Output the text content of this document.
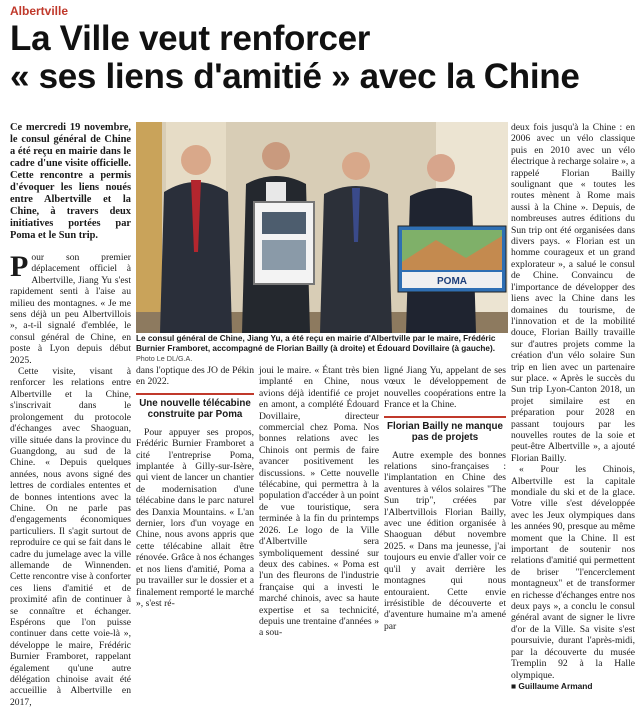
Albertville
La Ville veut renforcer
« ses liens d'amitié » avec la Chine

Ce mercredi 19 novembre, le consul général de Chine a été reçu en mairie dans le cadre d'une visite officielle. Cette rencontre a permis d'évoquer les liens noués entre Albertville et la Chine, à travers deux initiatives portées par Poma et le Sun trip.

Pour son premier déplacement officiel à Albertville, Jiang Yu s'est rapidement senti à l'aise au milieu des montagnes. « Je me sens déjà un peu Albertvillois », a-t-il signalé d'emblée, le consul général de Chine, en poste à Lyon depuis début 2025.

Cette visite, visant à renforcer les relations entre Albertville et la Chine, s'inscrivait dans le prolongement du protocole d'échanges avec Shaoguan, ville située dans la province du Guangdong, au sud de la Chine. « Depuis quelques années, nous avons signé des lettres de cordiales ententes et de bonnes intentions avec la Chine. On ne parle pas d'engagements économiques particuliers. Il s'agit surtout de reproduire ce qui se fait dans le cadre du jumelage avec la ville allemande de Winnenden. Cette rencontre vise à conforter ces liens d'amitié et de proximité afin de continuer à se connaître et échanger. Espérons que l'on puisse continuer dans cette voie-là », développe le maire, Frédéric Burnier Framboret, rappelant également qu'une autre délégation chinoise avait été accueillie à Albertville en 2017,

POMA
Le consul général de Chine, Jiang Yu, a été reçu en mairie d'Albertville par le maire, Frédéric Burnier Framboret, accompagné de Florian Bailly (à droite) et Édouard Dovillaire (à gauche).
Photo Le DL/G.A.

dans l'optique des JO de Pékin en 2022.

Une nouvelle télécabine construite par Poma

Pour appuyer ses propos, Frédéric Burnier Framboret a cité l'entreprise Poma, implantée à Gilly-sur-Isère, qui vient de lancer un chantier de modernisation d'une télécabine dans le parc naturel des Danxia Mountains. « L'an dernier, lors d'un voyage en Chine, nous avons appris que cette télécabine allait être rénovée. Grâce à nos échanges et nos liens d'amitié, Poma a pu travailler sur le dossier et a finalement remporté le marché », s'est ré-

joui le maire. « Étant très bien implanté en Chine, nous avions déjà identifié ce projet en amont, a complété Édouard Dovillaire, directeur commercial chez Poma. Nos bonnes relations avec les Chinois ont permis de faire avancer positivement les discussions. » Cette nouvelle télécabine, qui permettra à la population d'accéder à un point de vue touristique, sera terminée à la fin du printemps 2026. Le logo de la Ville d'Albertville sera symboliquement dessiné sur deux des cabines. « Poma est l'un des fleurons de l'industrie française qui a investi le marché chinois, avec sa haute expertise et sa technicité, depuis une trentaine d'années » a sou-

ligné Jiang Yu, appelant de ses vœux le développement de nouvelles coopérations entre la France et la Chine.

Florian Bailly ne manque pas de projets

Autre exemple des bonnes relations sino-françaises : l'implantation en Chine des aventures à vélos solaires "The Sun trip", créées par l'Albertvillois Florian Bailly, avec une édition organisée à Shaoguan début novembre 2025. « Dans ma jeunesse, j'ai toujours eu envie d'aller voir ce qu'il y avait derrière les montagnes qui nous entouraient. Cette envie irrésistible de découverte et d'aventure humaine m'a amené par

deux fois jusqu'à la Chine : en 2006 avec un vélo classique puis en 2010 avec un vélo électrique à recharge solaire », a rappelé Florian Bailly soulignant que « toutes les routes mènent à Rome mais aussi à la Chine ». Depuis, de nombreuses autres éditions du Sun trip ont été organisées dans divers pays. « Florian est un homme courageux et un grand explorateur », a salué le consul de Chine. Convaincu de l'importance de développer des liens avec la Chine dans les domaines du tourisme, de l'innovation et de la mobilité douce, Florian Bailly travaille sur d'autres projets comme la création d'un vélo solaire Sun trip en lien avec un partenaire sur place. « Après le succès du Sun trip Lyon-Canton 2018, un projet similaire est en préparation pour 2028 en passant toujours par les nouvelles routes de la soie et peut-être Albertville », a ajouté Florian Bailly.

« Pour les Chinois, Albertville est la capitale mondiale du ski et de la glace. Votre ville s'est développée avec les Jeux olympiques dans les années 90, presque au même moment que la Chine. Il est important de soutenir nos relations d'amitié qui permettent de briser "l'encerclement montagneux" et de transformer en richesse d'échanges entre nos deux pays », a conclu le consul général avant de signer le livre d'or de la Ville. Sa visite s'est poursuivie, durant l'après-midi, par la découverte du musée Tremplin 92 à la Halle olympique.

■ Guillaume Armand
